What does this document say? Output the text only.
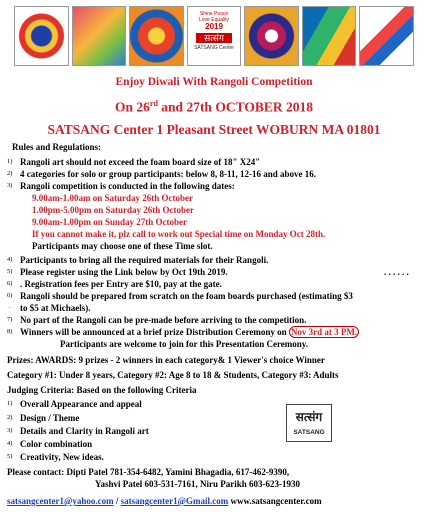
Shine Peace
Love Equality
2019
सत्संग
SATSANG Center
Enjoy Diwali With Rangoli Competition
On 26rd and 27th OCTOBER 2018
SATSANG Center 1 Pleasant Street WOBURN MA 01801
Rules and Regulations:
1) Rangoli art should not exceed the foam board size of 18" X24"
2) 4 categories for solo or group participants: below 8, 8-11, 12-16 and above 16.
3) Rangoli competition is conducted in the following dates:
9.00am-1.00am on Saturday 26th October
1.00pm-5.00pm on Saturday 26th October
9.00am-1.00pm on Sunday 27th October
If you cannot make it, plz call to work out Special time on Monday Oct 28th.
Participants may choose one of these Time slot.
4) Participants to bring all the required materials for their Rangoli.
5) Please register using the Link below by Oct 19th 2019.	. . . . . .
6) . Registration fees per Entry are $10, pay at the gate.
6) Rangoli should be prepared from scratch on the foam boards purchased (estimating $3
. to $5 at Michaels).
7) No part of the Rangoli can be pre-made before arriving to the competition.
8) Winners will be announced at a brief prize Distribution Ceremony on Nov 3rd at 3 PM.
Participants are welcome to join for this Presentation Ceremony.
Prizes: AWARDS: 9 prizes - 2 winners in each category& 1 Viewer's choice Winner
Category #1: Under 8 years, Category #2: Age 8 to 18 & Students, Category #3: Adults
Judging Criteria: Based on the following Criteria
1) Overall Appearance and appeal
2) Design / Theme
3) Details and Clarity in Rangoli art
4) Color combination
5) Creativity, New ideas.
सत्संग
SATSANG
Please contact: Dipti Patel 781-354-6482, Yamini Bhagadia, 617-462-9390,
Yashvi Patel 603-531-7161, Niru Parikh 603-623-1930
satsangcenter1@yahoo.com / satsangcenter1@Gmail.com www.satsangcenter.com
